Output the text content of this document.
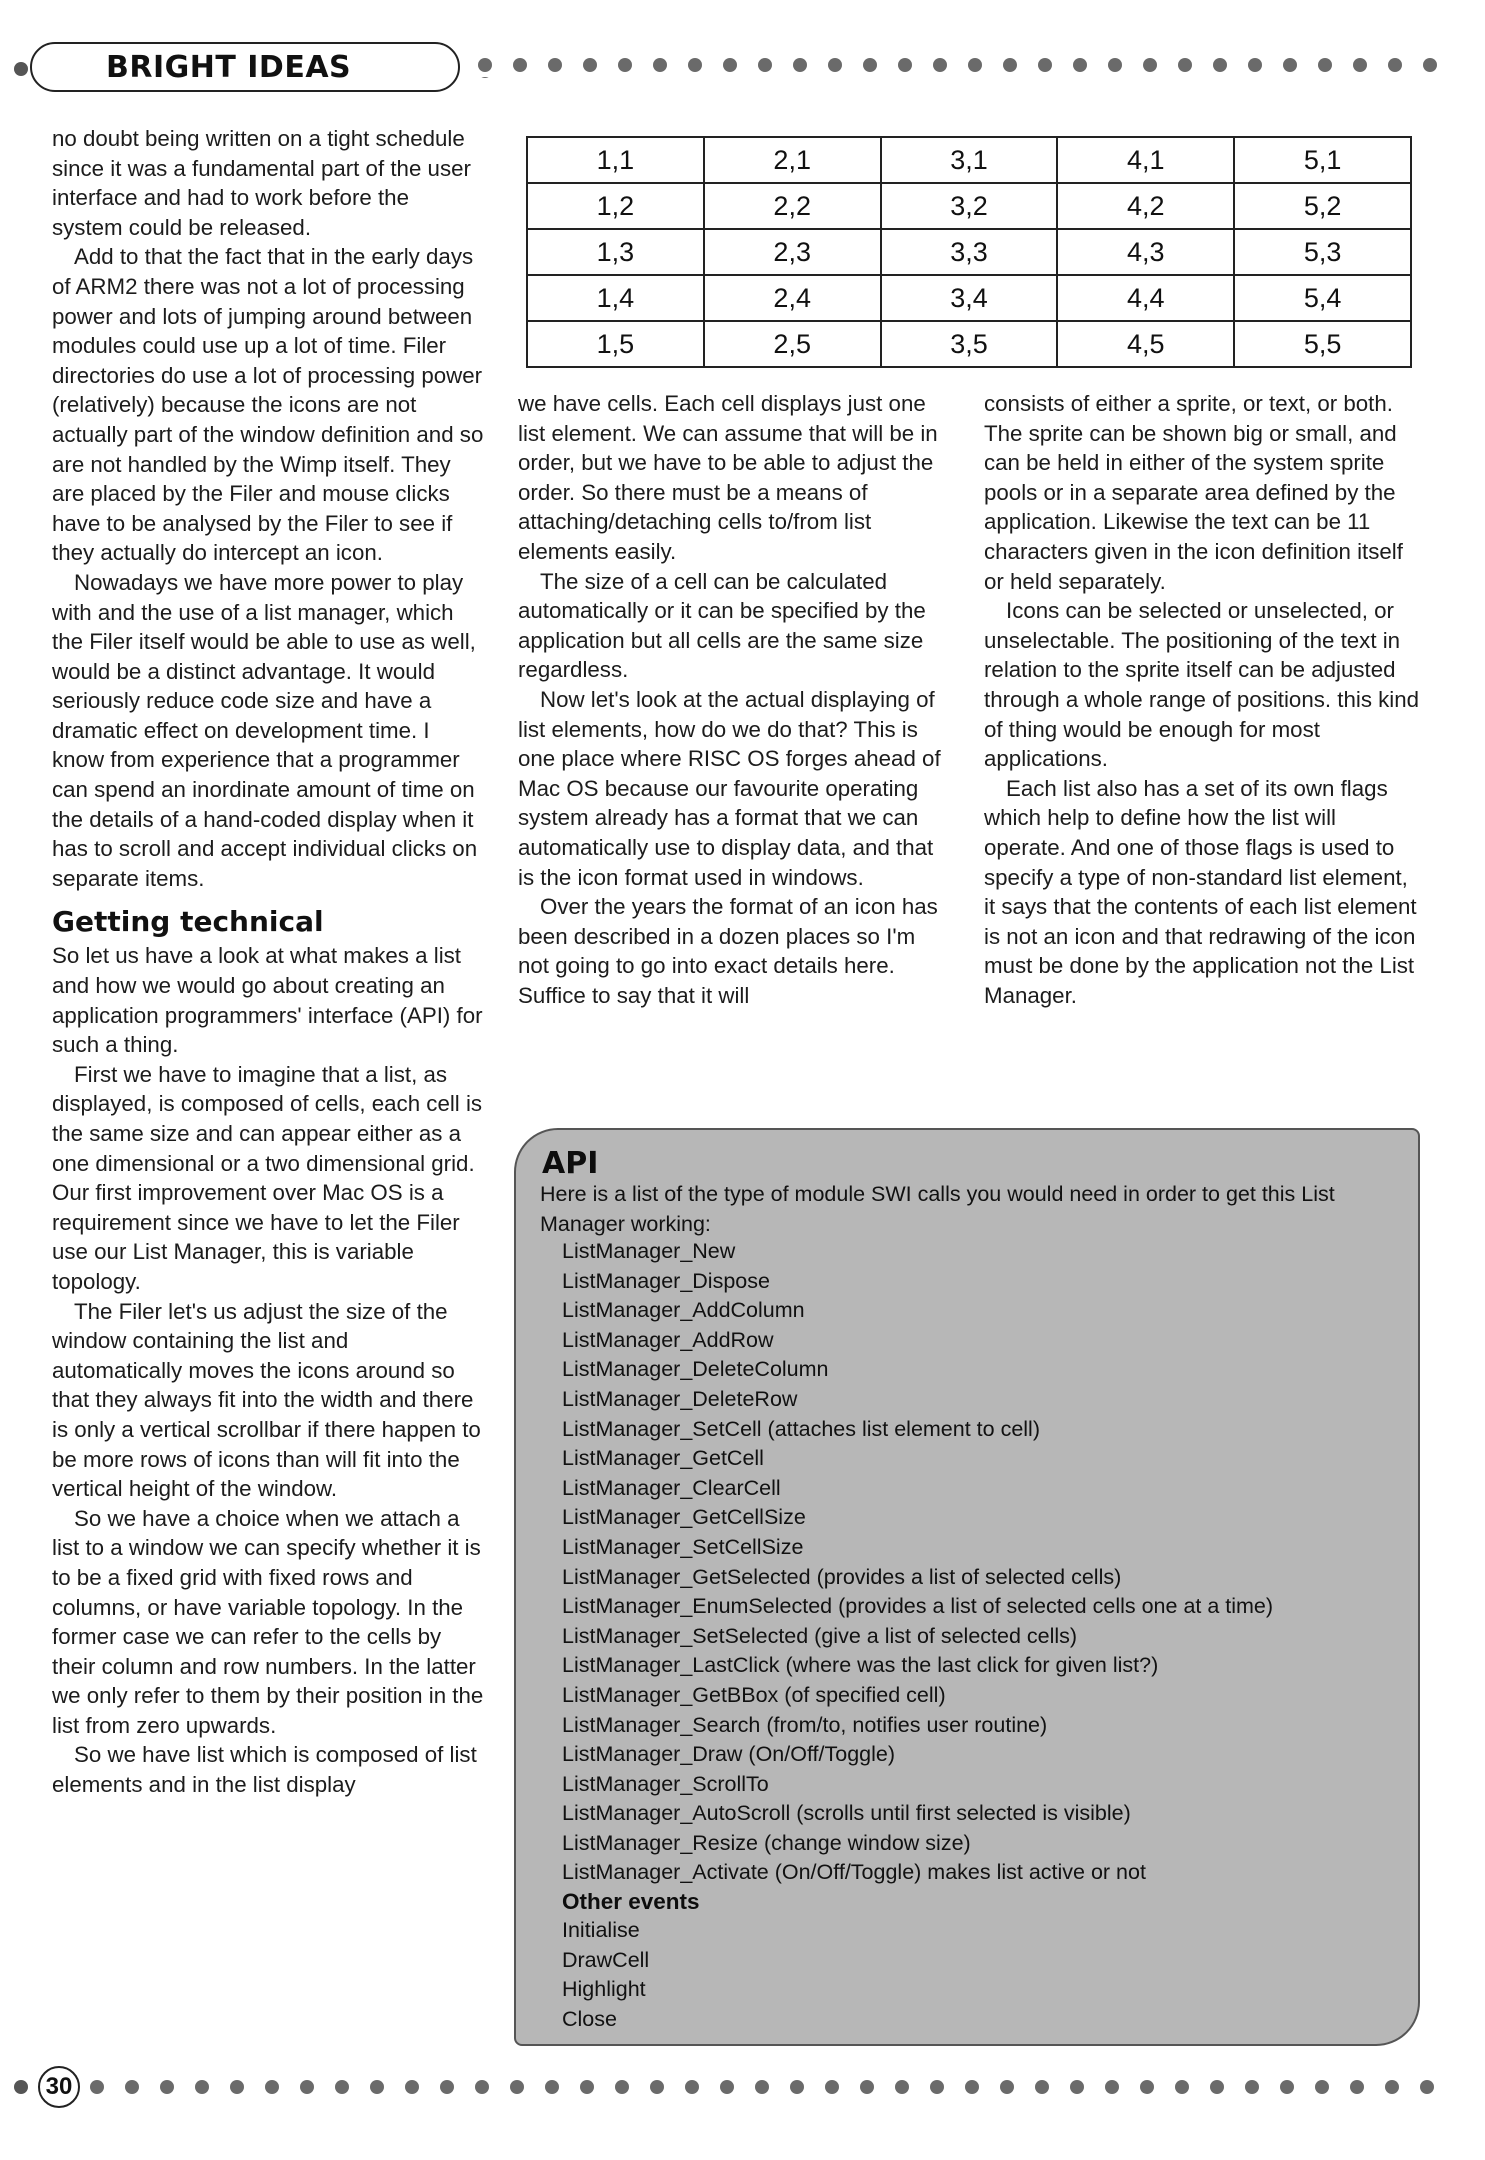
BRIGHT IDEAS
1,1	2,1	3,1	4,1	5,1
1,2	2,2	3,2	4,2	5,2
1,3	2,3	3,3	4,3	5,3
1,4	2,4	3,4	4,4	5,4
1,5	2,5	3,5	4,5	5,5

no doubt being written on a tight schedule since it was a fundamental part of the user interface and had to work before the system could be released.

Add to that the fact that in the early days of ARM2 there was not a lot of processing power and lots of jumping around between modules could use up a lot of time. Filer directories do use a lot of processing power (relatively) because the icons are not actually part of the window definition and so are not handled by the Wimp itself. They are placed by the Filer and mouse clicks have to be analysed by the Filer to see if they actually do intercept an icon.

Nowadays we have more power to play with and the use of a list manager, which the Filer itself would be able to use as well, would be a distinct advantage. It would seriously reduce code size and have a dramatic effect on development time. I know from experience that a programmer can spend an inordinate amount of time on the details of a hand-coded display when it has to scroll and accept individual clicks on separate items.

Getting technical

So let us have a look at what makes a list and how we would go about creating an application programmers' interface (API) for such a thing.

First we have to imagine that a list, as displayed, is composed of cells, each cell is the same size and can appear either as a one dimensional or a two dimensional grid. Our first improvement over Mac OS is a requirement since we have to let the Filer use our List Manager, this is variable topology.

The Filer let's us adjust the size of the window containing the list and automatically moves the icons around so that they always fit into the width and there is only a vertical scrollbar if there happen to be more rows of icons than will fit into the vertical height of the window.

So we have a choice when we attach a list to a window we can specify whether it is to be a fixed grid with fixed rows and columns, or have variable topology. In the former case we can refer to the cells by their column and row numbers. In the latter we only refer to them by their position in the list from zero upwards.

So we have list which is composed of list elements and in the list display

we have cells. Each cell displays just one list element. We can assume that will be in order, but we have to be able to adjust the order. So there must be a means of attaching/detaching cells to/from list elements easily.

The size of a cell can be calculated automatically or it can be specified by the application but all cells are the same size regardless.

Now let's look at the actual displaying of list elements, how do we do that? This is one place where RISC OS forges ahead of Mac OS because our favourite operating system already has a format that we can automatically use to display data, and that is the icon format used in windows.

Over the years the format of an icon has been described in a dozen places so I'm not going to go into exact details here. Suffice to say that it will

consists of either a sprite, or text, or both. The sprite can be shown big or small, and can be held in either of the system sprite pools or in a separate area defined by the application. Likewise the text can be 11 characters given in the icon definition itself or held separately.

Icons can be selected or unselected, or unselectable. The positioning of the text in relation to the sprite itself can be adjusted through a whole range of positions. this kind of thing would be enough for most applications.

Each list also has a set of its own flags which help to define how the list will operate. And one of those flags is used to specify a type of non-standard list element, it says that the contents of each list element is not an icon and that redrawing of the icon must be done by the application not the List Manager.

API
Here is a list of the type of module SWI calls you would need in order to get this List Manager working:
ListManager_New
ListManager_Dispose
ListManager_AddColumn
ListManager_AddRow
ListManager_DeleteColumn
ListManager_DeleteRow
ListManager_SetCell (attaches list element to cell)
ListManager_GetCell
ListManager_ClearCell
ListManager_GetCellSize
ListManager_SetCellSize
ListManager_GetSelected (provides a list of selected cells)
ListManager_EnumSelected (provides a list of selected cells one at a time)
ListManager_SetSelected (give a list of selected cells)
ListManager_LastClick (where was the last click for given list?)
ListManager_GetBBox (of specified cell)
ListManager_Search (from/to, notifies user routine)
ListManager_Draw (On/Off/Toggle)
ListManager_ScrollTo
ListManager_AutoScroll (scrolls until first selected is visible)
ListManager_Resize (change window size)
ListManager_Activate (On/Off/Toggle) makes list active or not
Other events
Initialise
DrawCell
Highlight
Close
30
